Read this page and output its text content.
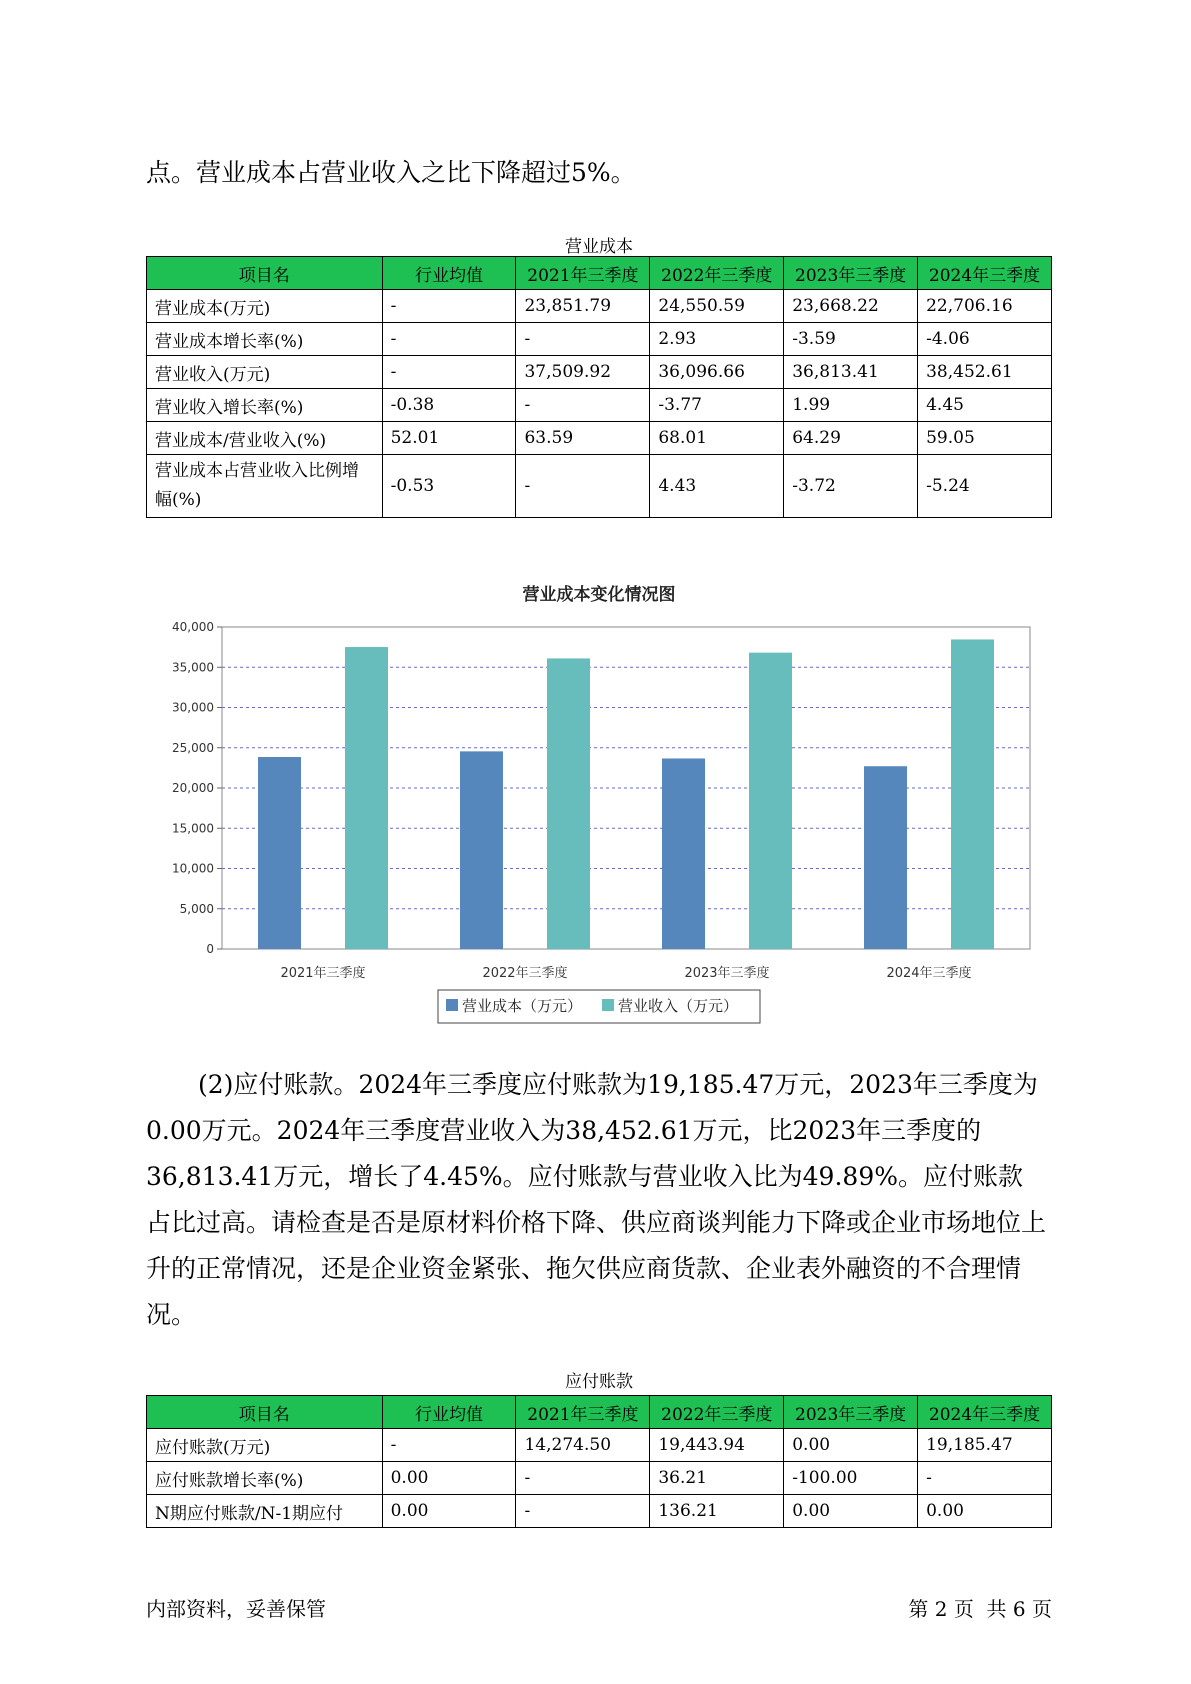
点。营业成本占营业收入之比下降超过5%。

营业成本
项目名	行业均值	2021年三季度	2022年三季度	2023年三季度	2024年三季度
营业成本(万元)	-	23,851.79	24,550.59	23,668.22	22,706.16
营业成本增长率(%)	-	-	2.93	-3.59	-4.06
营业收入(万元)	-	37,509.92	36,096.66	36,813.41	38,452.61
营业收入增长率(%)	-0.38	-	-3.77	1.99	4.45
营业成本/营业收入(%)	52.01	63.59	68.01	64.29	59.05
营业成本占营业收入比例增幅(%)	-0.53	-	4.43	-3.72	-5.24
营业成本变化情况图
0
5,000
10,000
15,000
20,000
25,000
30,000
35,000
40,000
2021年三季度	2022年三季度	2023年三季度	2024年三季度
营业成本（万元） 营业收入（万元）

(2)应付账款。2024年三季度应付账款为19,185.47万元，2023年三季度为0.00万元。2024年三季度营业收入为38,452.61万元，比2023年三季度的36,813.41万元，增长了4.45%。应付账款与营业收入比为49.89%。应付账款占比过高。请检查是否是原材料价格下降、供应商谈判能力下降或企业市场地位上升的正常情况，还是企业资金紧张、拖欠供应商货款、企业表外融资的不合理情况。

应付账款
项目名	行业均值	2021年三季度	2022年三季度	2023年三季度	2024年三季度
应付账款(万元)	-	14,274.50	19,443.94	0.00	19,185.47
应付账款增长率(%)	0.00	-	36.21	-100.00	-
N期应付账款/N-1期应付	0.00	-	136.21	0.00	0.00
内部资料，妥善保管	第 2 页  共 6 页
